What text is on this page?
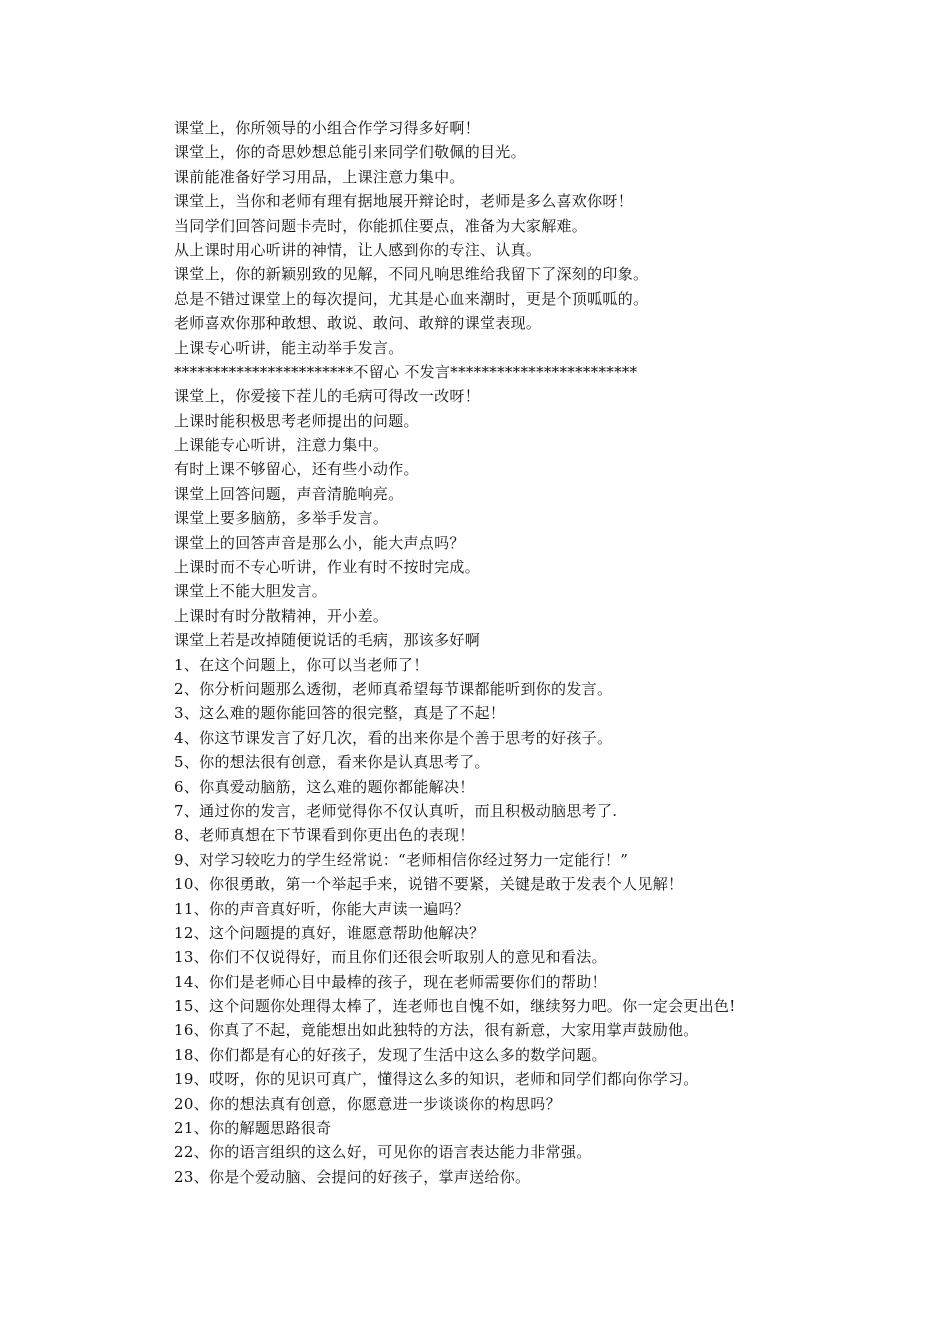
课堂上，你所领导的小组合作学习得多好啊！
课堂上，你的奇思妙想总能引来同学们敬佩的目光。
课前能准备好学习用品，上课注意力集中。
课堂上，当你和老师有理有据地展开辩论时，老师是多么喜欢你呀！
当同学们回答问题卡壳时，你能抓住要点，准备为大家解难。
从上课时用心听讲的神情，让人感到你的专注、认真。
课堂上，你的新颖别致的见解，不同凡响思维给我留下了深刻的印象。
总是不错过课堂上的每次提问，尤其是心血来潮时，更是个顶呱呱的。
老师喜欢你那种敢想、敢说、敢问、敢辩的课堂表现。
上课专心听讲，能主动举手发言。
***********************不留心 不发言************************
课堂上，你爱接下茬儿的毛病可得改一改呀！
上课时能积极思考老师提出的问题。
上课能专心听讲，注意力集中。
有时上课不够留心，还有些小动作。
课堂上回答问题，声音清脆响亮。
课堂上要多脑筋，多举手发言。
课堂上的回答声音是那么小，能大声点吗？
上课时而不专心听讲，作业有时不按时完成。
课堂上不能大胆发言。
上课时有时分散精神，开小差。
课堂上若是改掉随便说话的毛病，那该多好啊
1、在这个问题上，你可以当老师了！
2、你分析问题那么透彻，老师真希望每节课都能听到你的发言。
3、这么难的题你能回答的很完整，真是了不起！
4、你这节课发言了好几次，看的出来你是个善于思考的好孩子。
5、你的想法很有创意，看来你是认真思考了。
6、你真爱动脑筋，这么难的题你都能解决！
7、通过你的发言，老师觉得你不仅认真听，而且积极动脑思考了.
8、老师真想在下节课看到你更出色的表现！
9、对学习较吃力的学生经常说：“老师相信你经过努力一定能行！”
10、你很勇敢，第一个举起手来，说错不要紧，关键是敢于发表个人见解！
11、你的声音真好听，你能大声读一遍吗？
12、这个问题提的真好，谁愿意帮助他解决？
13、你们不仅说得好，而且你们还很会听取别人的意见和看法。
14、你们是老师心目中最棒的孩子，现在老师需要你们的帮助！
15、这个问题你处理得太棒了，连老师也自愧不如，继续努力吧。你一定会更出色!
16、你真了不起，竟能想出如此独特的方法，很有新意，大家用掌声鼓励他。
18、你们都是有心的好孩子，发现了生活中这么多的数学问题。
19、哎呀，你的见识可真广，懂得这么多的知识，老师和同学们都向你学习。
20、你的想法真有创意，你愿意进一步谈谈你的构思吗？
21、你的解题思路很奇
22、你的语言组织的这么好，可见你的语言表达能力非常强。
23、你是个爱动脑、会提问的好孩子，掌声送给你。
